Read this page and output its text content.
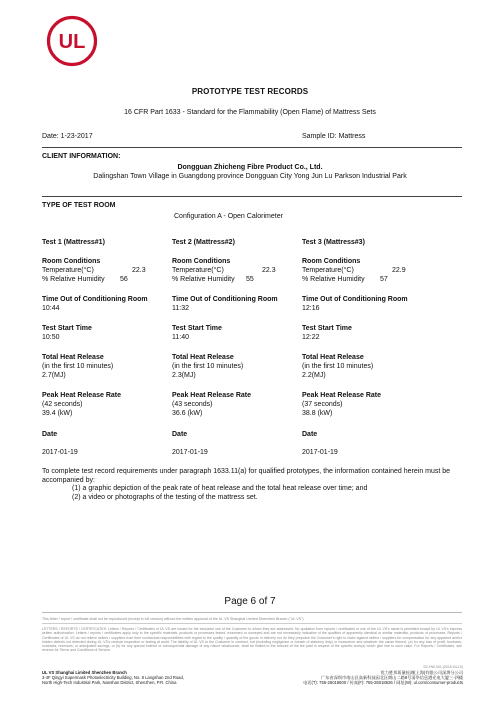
UL
PROTOTYPE TEST RECORDS
16 CFR Part 1633 - Standard for the Flammability (Open Flame) of Mattress Sets
Date: 1-23-2017	Sample ID: Mattress
CLIENT INFORMATION:
Dongguan Zhicheng Fibre Product Co., Ltd.
Dalingshan Town Village in Guangdong province Dongguan City Yong Jun Lu Parkson Industrial Park
TYPE OF TEST ROOM
Configuration A - Open Calorimeter
Test 1 (Mattress#1)
Room Conditions
Temperature(°C)	22.3
% Relative Humidity	56
Time Out of Conditioning Room
10:44
Test Start Time
10:50
Total Heat Release
(in the first 10 minutes)
2.7(MJ)
Peak Heat Release Rate
(42 seconds)
39.4 (kW)
Date
2017-01-19
Test 2 (Mattress#2)
Room Conditions
Temperature(°C)	22.3
% Relative Humidity	55
Time Out of Conditioning Room
11:32
Test Start Time
11:40
Total Heat Release
(in the first 10 minutes)
2.3(MJ)
Peak Heat Release Rate
(43 seconds)
36.6 (kW)
Date
2017-01-19
Test 3 (Mattress#3)
Room Conditions
Temperature(°C)	22.9
% Relative Humidity	57
Time Out of Conditioning Room
12:16
Test Start Time
12:22
Total Heat Release
(in the first 10 minutes)
2.2(MJ)
Peak Heat Release Rate
(37 seconds)
38.8 (kW)
Date
2017-01-19
To complete test record requirements under paragraph 1633.11(a) for qualified prototypes, the information contained herein must be accompanied by:
(1) a graphic depiction of the peak rate of heat release and the total heat release over time; and
(2) a video or photographs of the testing of the mattress set.
Page 6 of 7
This letter / report / certificate shall not be reproduced (except in full version) without the written approval of the UL VS Shanghai Limited Shenzhen Branch ("UL VS")
LETTERS / REPORTS / CERTIFICATES: Letters / Reports / Certificates of UL VS are issued for the exclusive use of the Customer to whom they are addressed. No quotation from reports / certificates or use of the UL VS's name is permitted except by UL VS's express written authorization. Letters / reports / certificates apply only to the specific materials, products or processes tested, examined or surveyed and are not necessarily indicative of the qualities of apparently identical or similar materials, products or processes. Reports / Certificates of UL VS do not relieve sellers / suppliers from their contractual responsibilities with regard to the quality / quantity of the goods in delivery nor do they prejudice the Customer's right to claim against sellers / suppliers for compensation for any apparent and/or hidden defects not detected during UL VS's random inspection or testing at audit. The liability of UL VS to the Customer in contract, tort (including negligence or breach of statutory duty) or howsoever and whatever the cause thereof, (a) for any loss of profit, business, contracts, revenues, or anticipated savings, or (b) for any special indirect or consequential damage of any nature whatsoever, shall be limited to the amount of the fee paid in respect of the specific work(s) which give rise to such claim. For Reports / Certificates, see reverse for Terms and Conditions of Service.
SZ-HW-001 (2015-04-10)
UL VS Shanghai Limited Shenzhen Branch
3-4F Qingyi Supermask Photoelectricity Building, No. 8 Langshan 2nd Road,
North High-Tech Industrial Park, Nanshan District, Shenzhen, P.R. China
优力胜邦质量检测(上海)有限公司深圳分公司
广东省深圳市南山区高新科技园北区朗山二路8号清华信息港光电大厦三-四楼
电话(T): 755-26018600 / 传真(F): 755-26018626 / 网址(W): ul.com/consumer-products
